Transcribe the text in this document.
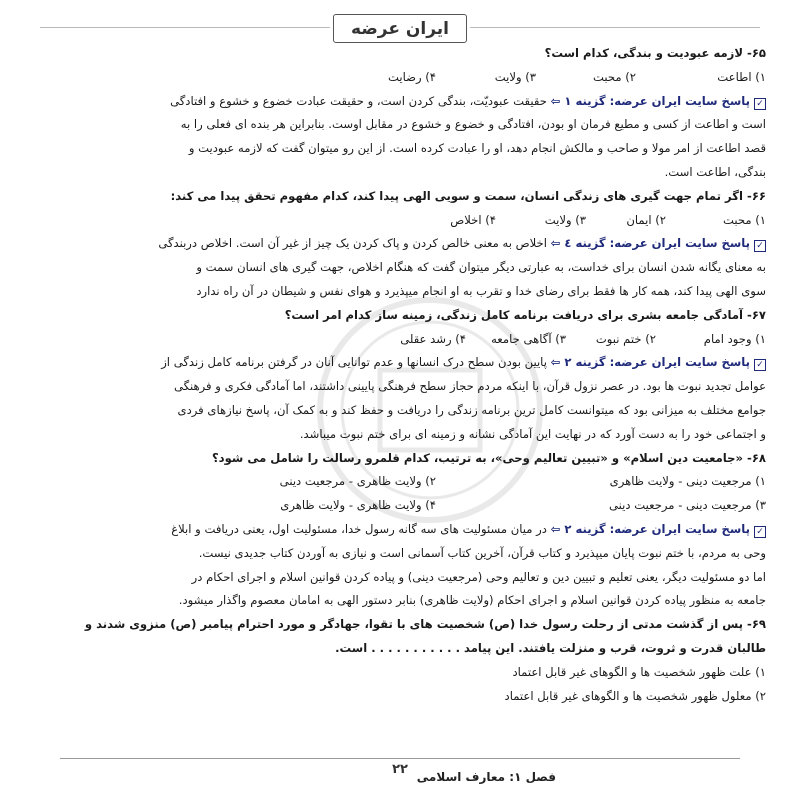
ایران عرضه

۶۵- لازمه عبودیت و بندگی، کدام است؟

۱) اطاعت
۲) محبت
۳) ولایت
۴) رضایت
✓پاسخ سایت ایران عرضه: گزینه ۱ ⇦ حقیقت عبودیّت، بندگی کردن است، و حقیقت عبادت خضوع و خشوع و افتادگی
است و اطاعت از کسی و مطیع فرمان او بودن، افتادگی و خضوع و خشوع در مقابل اوست. بنابراین هر بنده ای فعلی را به
قصد اطاعت از امر مولا و صاحب و مالکش انجام دهد، او را عبادت کرده است. از این رو میتوان گفت که لازمه عبودیت و
بندگی، اطاعت است.

۶۶- اگر تمام جهت گیری های زندگی انسان، سمت و سویی الهی پیدا کند، کدام مفهوم تحقق پیدا می کند:

۱) محبت
۲) ایمان
۳) ولایت
۴) اخلاص
✓پاسخ سایت ایران عرضه: گزینه ٤ ⇦ اخلاص به معنی خالص کردن و پاک کردن یک چیز از غیر آن است. اخلاص دربندگی
به معنای یگانه شدن انسان برای خداست، به عبارتی دیگر میتوان گفت که هنگام اخلاص، جهت گیری های انسان سمت و
سوی الهی پیدا کند، همه کار ها فقط برای رضای خدا و تقرب به او انجام میپذیرد و هوای نفس و شیطان در آن راه ندارد

۶۷- آمادگی جامعه بشری برای دریافت برنامه کامل زندگی، زمینه ساز کدام امر است؟

۱) وجود امام
۲) ختم نبوت
۳) آگاهی جامعه
۴) رشد عقلی
✓پاسخ سایت ایران عرضه: گزینه ۲ ⇦ پایین بودن سطح درک انسانها و عدم توانایی آنان در گرفتن برنامه کامل زندگی از
عوامل تجدید نبوت ها بود. در عصر نزول قرآن، با اینکه مردم حجاز سطح فرهنگی پایینی داشتند، اما آمادگی فکری و فرهنگی
جوامع مختلف به میزانی بود که میتوانست کامل ترین برنامه زندگی را دریافت و حفظ کند و به کمک آن، پاسخ نیازهای فردی
و اجتماعی خود را به دست آورد که در نهایت این آمادگی نشانه و زمینه ای برای ختم نبوت میباشد.

۶۸- «جامعیت دین اسلام» و «تبیین تعالیم وحی»، به ترتیب، کدام قلمرو رسالت را شامل می شود؟

۱) مرجعیت دینی - ولایت ظاهری
۲) ولایت ظاهری - مرجعیت دینی
۳) مرجعیت دینی - مرجعیت دینی
۴) ولایت ظاهری - ولایت ظاهری
✓پاسخ سایت ایران عرضه: گزینه ۲ ⇦ در میان مسئولیت های سه گانه رسول خدا، مسئولیت اول، یعنی دریافت و ابلاغ
وحی به مردم، با ختم نبوت پایان میپذیرد و کتاب قرآن، آخرین کتاب آسمانی است و نیازی به آوردن کتاب جدیدی نیست.
اما دو مسئولیت دیگر، یعنی تعلیم و تبیین دین و تعالیم وحی (مرجعیت دینی) و پیاده کردن قوانین اسلام و اجرای احکام در
جامعه به منظور پیاده کردن قوانین اسلام و اجرای احکام (ولایت ظاهری) بنابر دستور الهی به امامان معصوم واگذار میشود.

۶۹- پس از گذشت مدتی از رحلت رسول خدا (ص) شخصیت های با تقوا، جهادگر و مورد احترام پیامبر (ص) منزوی شدند و
طالبان قدرت و ثروت، قرب و منزلت یافتند. این پیامد . . . . . . . . . . . است.

۱) علت ظهور شخصیت ها و الگوهای غیر قابل اعتماد
۲) معلول ظهور شخصیت ها و الگوهای غیر قابل اعتماد
۲۲ فصل ۱: معارف اسلامی
